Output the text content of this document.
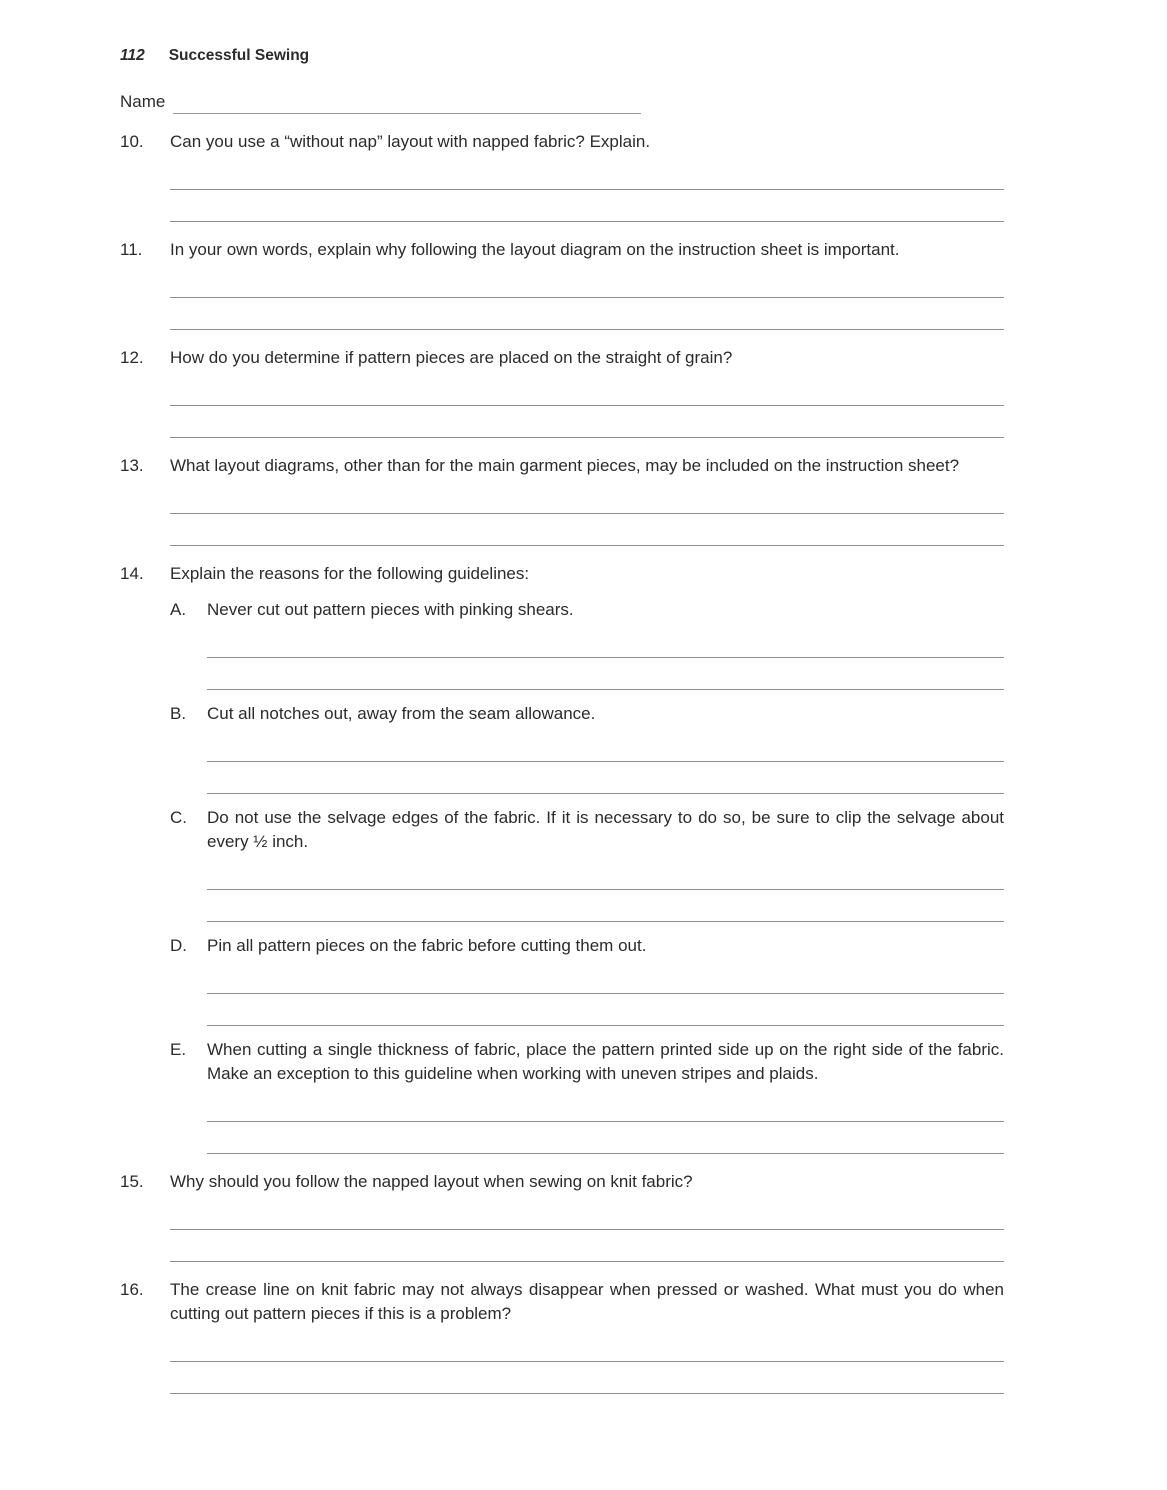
112 Successful Sewing
Name
10.	Can you use a “without nap” layout with napped fabric? Explain.
11.	In your own words, explain why following the layout diagram on the instruction sheet is important.
12.	How do you determine if pattern pieces are placed on the straight of grain?
13.	What layout diagrams, other than for the main garment pieces, may be included on the instruction sheet?
14.	Explain the reasons for the following guidelines:
A.	Never cut out pattern pieces with pinking shears.
B.	Cut all notches out, away from the seam allowance.
C.	Do not use the selvage edges of the fabric. If it is necessary to do so, be sure to clip the selvage about every ½ inch.
D.	Pin all pattern pieces on the fabric before cutting them out.
E.	When cutting a single thickness of fabric, place the pattern printed side up on the right side of the fabric. Make an exception to this guideline when working with uneven stripes and plaids.
15.	Why should you follow the napped layout when sewing on knit fabric?
16.	The crease line on knit fabric may not always disappear when pressed or washed. What must you do when cutting out pattern pieces if this is a problem?
